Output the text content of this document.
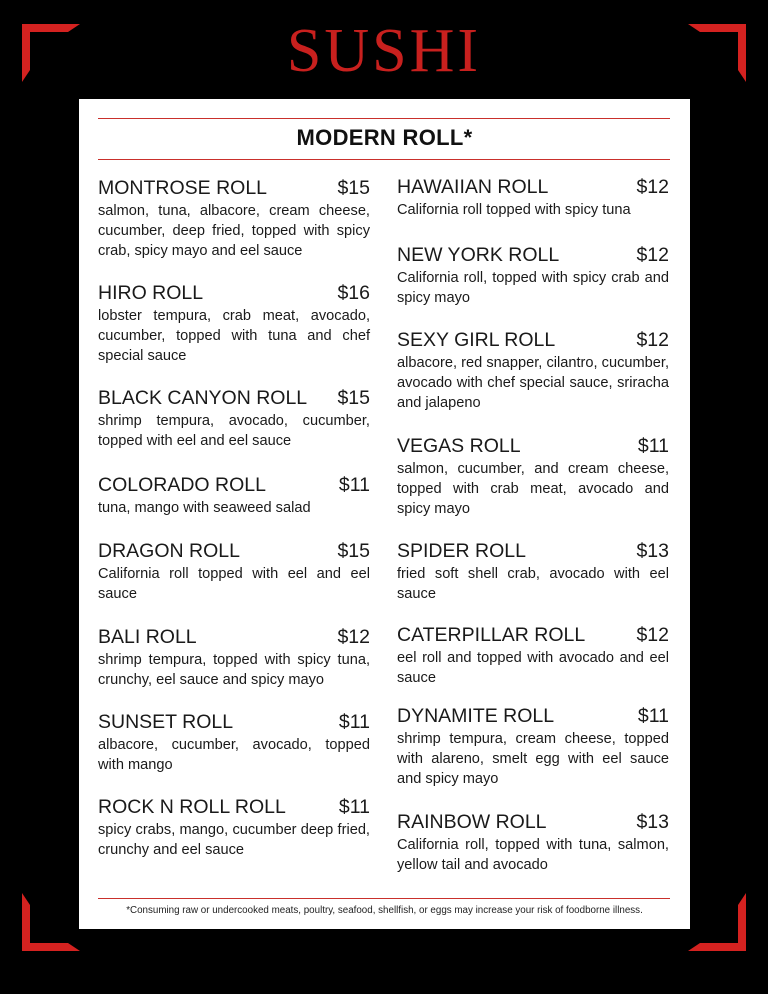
SUSHI
MODERN ROLL*
MONTROSE ROLL	$15
salmon, tuna, albacore, cream cheese, cucumber, deep fried, topped with spicy crab, spicy mayo and eel sauce
HIRO ROLL	$16
lobster tempura, crab meat, avocado, cucumber, topped with tuna and chef special sauce
BLACK CANYON ROLL $15
shrimp tempura, avocado, cucumber, topped with eel and eel sauce
COLORADO ROLL	$11
tuna, mango with seaweed salad
DRAGON ROLL	$15
California roll topped with eel and eel sauce
BALI ROLL	$12
shrimp tempura, topped with spicy tuna, crunchy, eel sauce and spicy mayo
SUNSET ROLL	$11
albacore, cucumber, avocado, topped with mango
ROCK N ROLL ROLL	$11
spicy crabs, mango, cucumber deep fried, crunchy and eel sauce
HAWAIIAN ROLL	$12
California roll topped with spicy tuna
NEW YORK ROLL	$12
California roll, topped with spicy crab and spicy mayo
SEXY GIRL ROLL	$12
albacore, red snapper, cilantro, cucumber, avocado with chef special sauce, sriracha and jalapeno
VEGAS ROLL	$11
salmon, cucumber, and cream cheese, topped with crab meat, avocado and spicy mayo
SPIDER ROLL	$13
fried soft shell crab, avocado with eel sauce
CATERPILLAR ROLL	$12
eel roll and topped with avocado and eel sauce
DYNAMITE ROLL	$11
shrimp tempura, cream cheese, topped with alareno, smelt egg with eel sauce and spicy mayo
RAINBOW ROLL	$13
California roll, topped with tuna, salmon, yellow tail and avocado
*Consuming raw or undercooked meats, poultry, seafood, shellfish, or eggs may increase your risk of foodborne illness.
